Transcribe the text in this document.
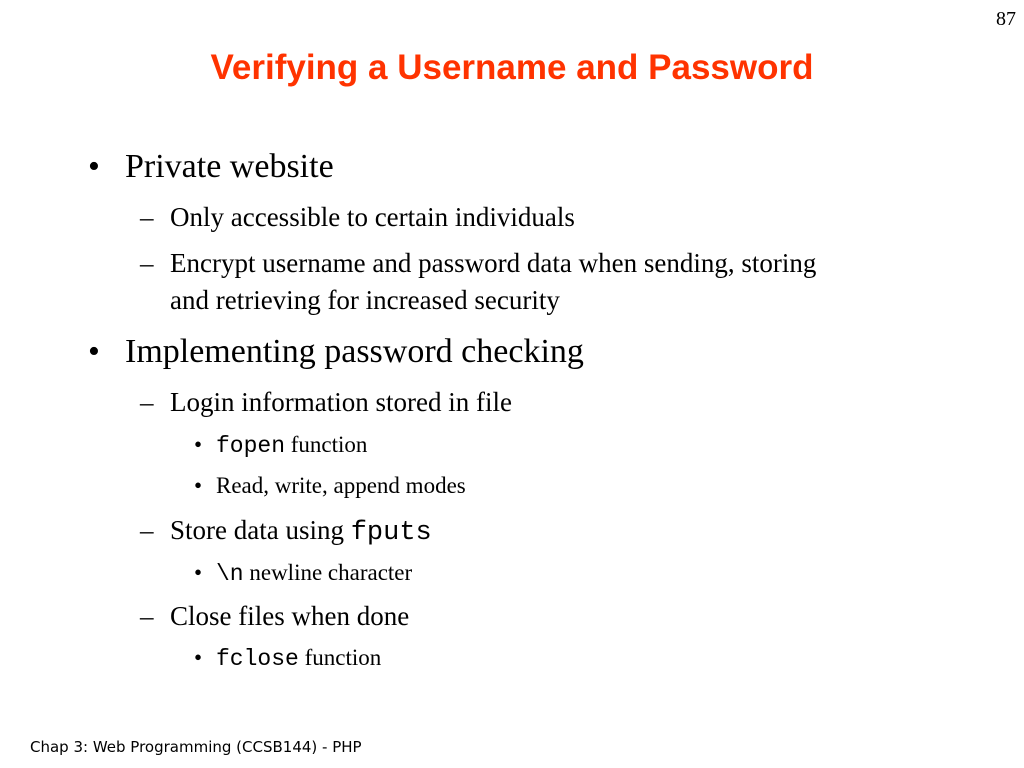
87
Verifying a Username and Password
• Private website
– Only accessible to certain individuals
– Encrypt username and password data when sending, storing
and retrieving for increased security
• Implementing password checking
– Login information stored in file
• fopen function
• Read, write, append modes
– Store data using fputs
• \n newline character
– Close files when done
• fclose function
Chap 3: Web Programming (CCSB144) - PHP
